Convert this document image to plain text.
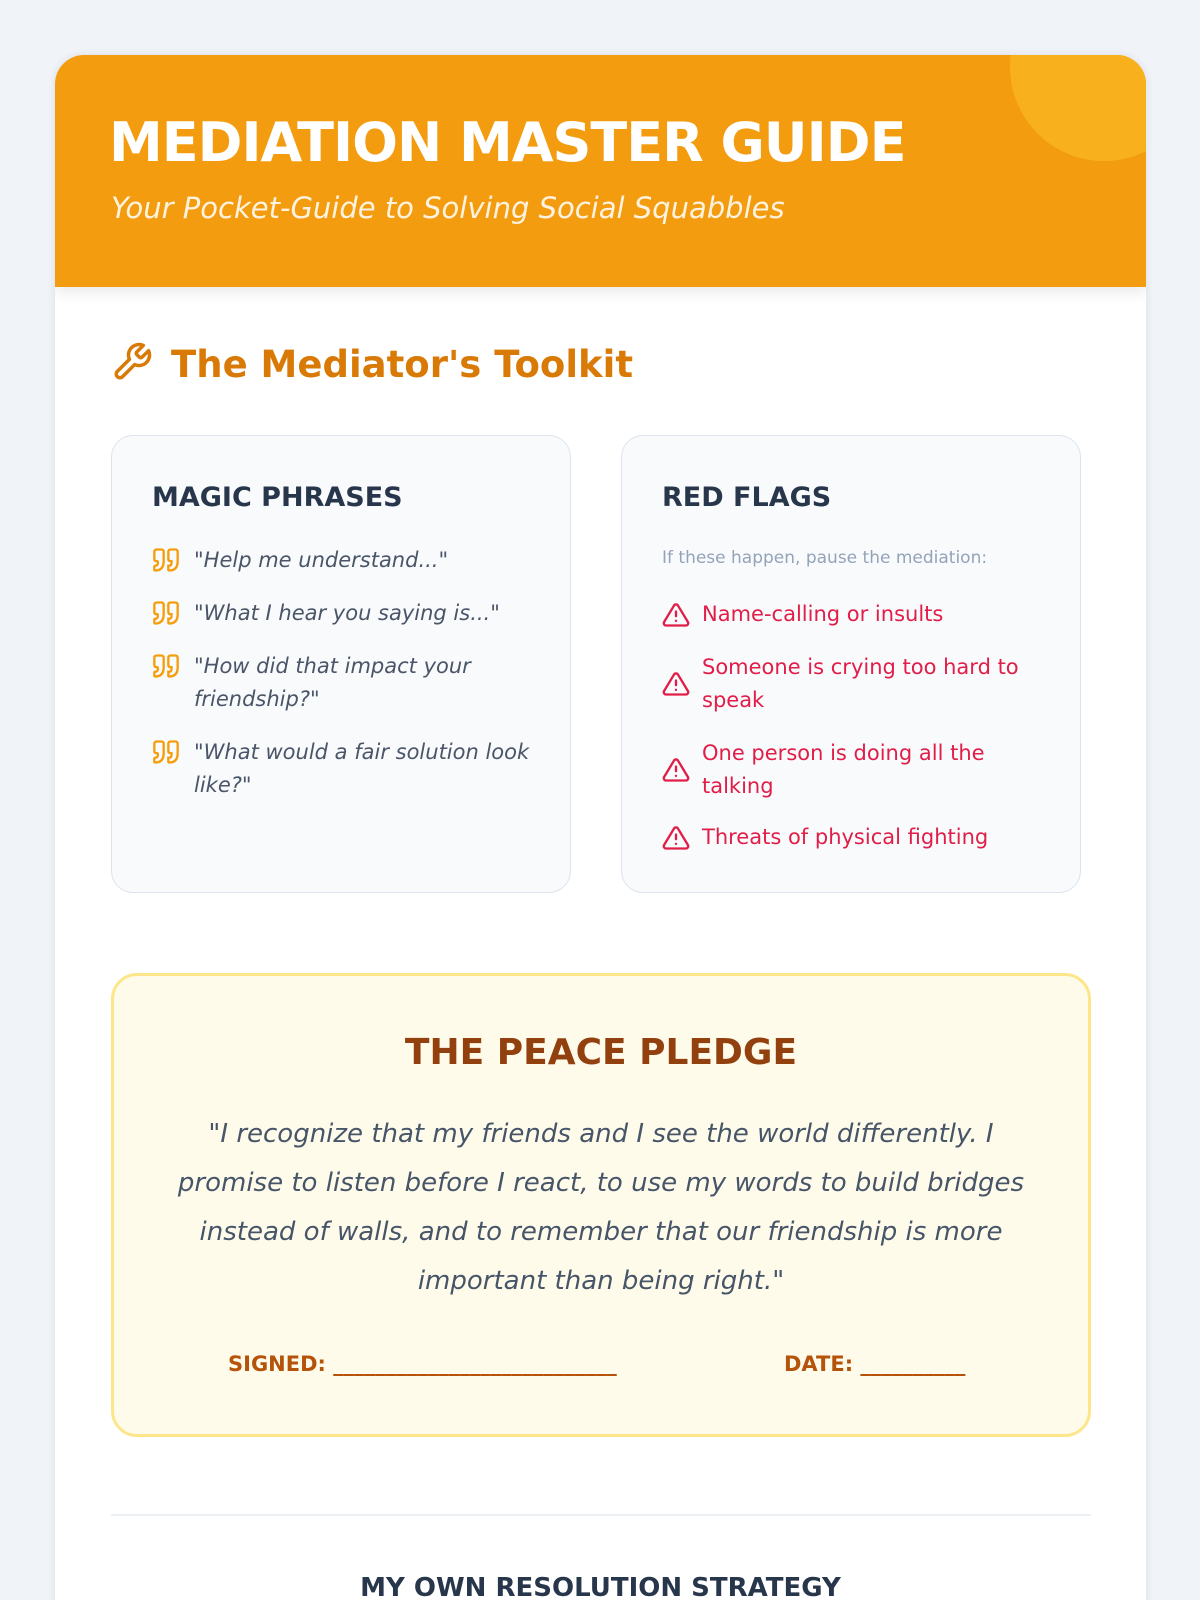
MEDIATION MASTER GUIDE
Your Pocket-Guide to Solving Social Squabbles
The Mediator's Toolkit
MAGIC PHRASES
"Help me understand..."
"What I hear you saying is..."
"How did that impact your friendship?"
"What would a fair solution look like?"
RED FLAGS
If these happen, pause the mediation:
Name-calling or insults
Someone is crying too hard to speak
One person is doing all the talking
Threats of physical fighting
THE PEACE PLEDGE
"I recognize that my friends and I see the world differently. I promise to listen before I react, to use my words to build bridges instead of walls, and to remember that our friendship is more important than being right."
SIGNED: ___________________________	DATE: __________
MY OWN RESOLUTION STRATEGY
